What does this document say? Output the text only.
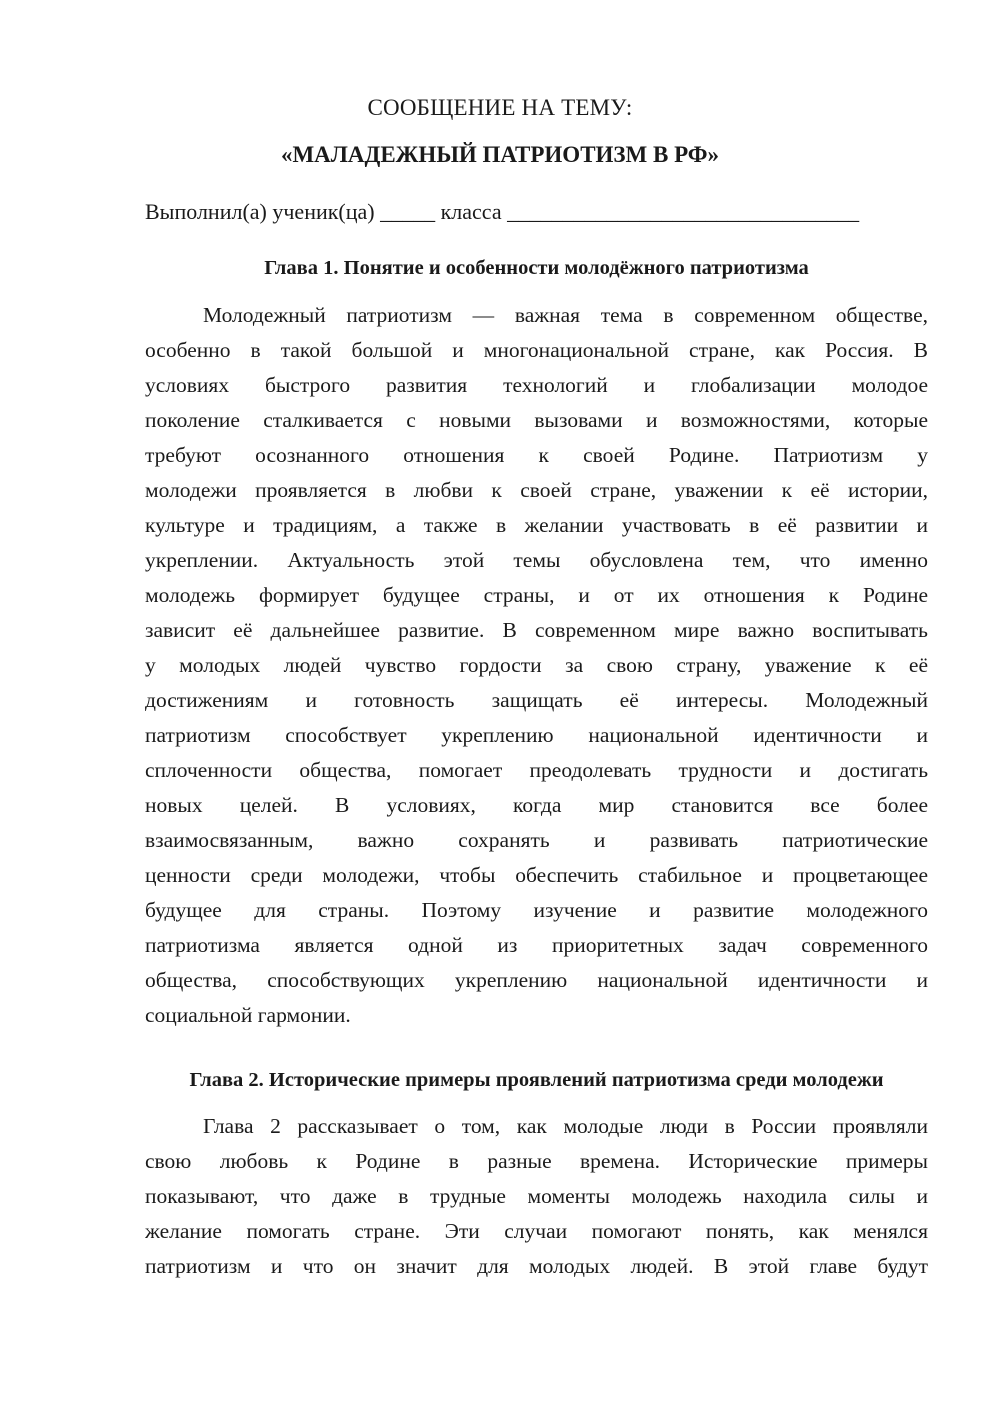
СООБЩЕНИЕ НА ТЕМУ:
«МАЛАДЕЖНЫЙ ПАТРИОТИЗМ В РФ»
Выполнил(а) ученик(ца) _____ класса ________________________________
Глава 1. Понятие и особенности молодёжного патриотизма
Молодежный патриотизм — важная тема в современном обществе,
особенно в такой большой и многонациональной стране, как Россия. В
условиях быстрого развития технологий и глобализации молодое
поколение сталкивается с новыми вызовами и возможностями, которые
требуют осознанного отношения к своей Родине. Патриотизм у
молодежи проявляется в любви к своей стране, уважении к её истории,
культуре и традициям, а также в желании участвовать в её развитии и
укреплении. Актуальность этой темы обусловлена тем, что именно
молодежь формирует будущее страны, и от их отношения к Родине
зависит её дальнейшее развитие. В современном мире важно воспитывать
у молодых людей чувство гордости за свою страну, уважение к её
достижениям и готовность защищать её интересы. Молодежный
патриотизм способствует укреплению национальной идентичности и
сплоченности общества, помогает преодолевать трудности и достигать
новых целей. В условиях, когда мир становится все более
взаимосвязанным, важно сохранять и развивать патриотические
ценности среди молодежи, чтобы обеспечить стабильное и процветающее
будущее для страны. Поэтому изучение и развитие молодежного
патриотизма является одной из приоритетных задач современного
общества, способствующих укреплению национальной идентичности и
социальной гармонии.
Глава 2. Исторические примеры проявлений патриотизма среди молодежи
Глава 2 рассказывает о том, как молодые люди в России проявляли
свою любовь к Родине в разные времена. Исторические примеры
показывают, что даже в трудные моменты молодежь находила силы и
желание помогать стране. Эти случаи помогают понять, как менялся
патриотизм и что он значит для молодых людей. В этой главе будут
